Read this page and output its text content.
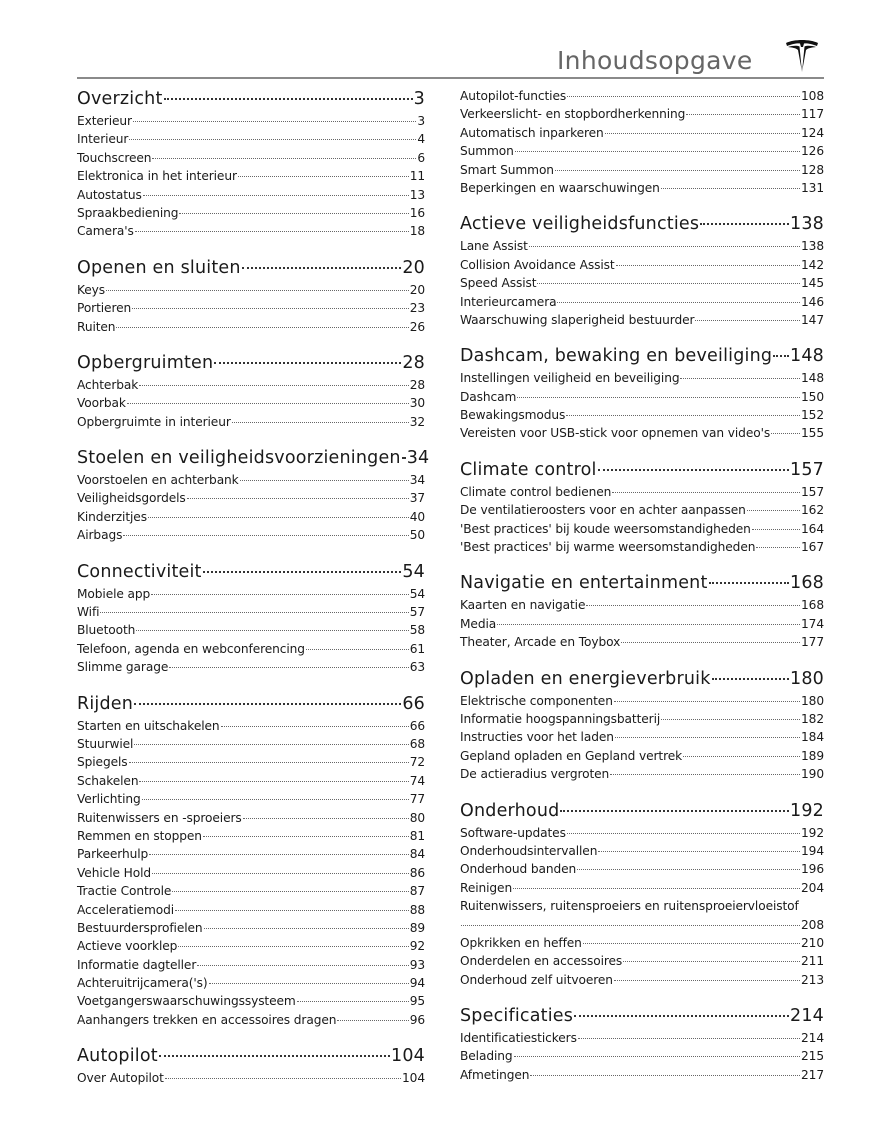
Inhoudsopgave
Overzicht	3
Exterieur	3
Interieur	4
Touchscreen	6
Elektronica in het interieur	11
Autostatus	13
Spraakbediening	16
Camera's	18
Openen en sluiten	20
Keys	20
Portieren	23
Ruiten	26
Opbergruimten	28
Achterbak	28
Voorbak	30
Opbergruimte in interieur	32
Stoelen en veiligheidsvoorzieningen 34
Voorstoelen en achterbank	34
Veiligheidsgordels	37
Kinderzitjes	40
Airbags	50
Connectiviteit	54
Mobiele app	54
Wifi	57
Bluetooth	58
Telefoon, agenda en webconferencing	61
Slimme garage	63
Rijden	66
Starten en uitschakelen	66
Stuurwiel	68
Spiegels	72
Schakelen	74
Verlichting	77
Ruitenwissers en -sproeiers	80
Remmen en stoppen	81
Parkeerhulp	84
Vehicle Hold	86
Tractie Controle	87
Acceleratiemodi	88
Bestuurdersprofielen	89
Actieve voorklep	92
Informatie dagteller	93
Achteruitrijcamera('s)	94
Voetgangerswaarschuwingssysteem	95
Aanhangers trekken en accessoires dragen	96
Autopilot	104
Over Autopilot	104
Autopilot-functies	108
Verkeerslicht- en stopbordherkenning	117
Automatisch inparkeren	124
Summon	126
Smart Summon	128
Beperkingen en waarschuwingen	131
Actieve veiligheidsfuncties	138
Lane Assist	138
Collision Avoidance Assist	142
Speed Assist	145
Interieurcamera	146
Waarschuwing slaperigheid bestuurder	147
Dashcam, bewaking en beveiliging 148
Instellingen veiligheid en beveiliging	148
Dashcam	150
Bewakingsmodus	152
Vereisten voor USB-stick voor opnemen van video's	155
Climate control	157
Climate control bedienen	157
De ventilatieroosters voor en achter aanpassen	162
'Best practices' bij koude weersomstandigheden	164
'Best practices' bij warme weersomstandigheden	167
Navigatie en entertainment	168
Kaarten en navigatie	168
Media	174
Theater, Arcade en Toybox	177
Opladen en energieverbruik	180
Elektrische componenten	180
Informatie hoogspanningsbatterij	182
Instructies voor het laden	184
Gepland opladen en Gepland vertrek	189
De actieradius vergroten	190
Onderhoud	192
Software-updates	192
Onderhoudsintervallen	194
Onderhoud banden	196
Reinigen	204
Ruitenwissers, ruitensproeiers en ruitensproeiervloeistof
208
Opkrikken en heffen	210
Onderdelen en accessoires	211
Onderhoud zelf uitvoeren	213
Specificaties	214
Identificatiestickers	214
Belading	215
Afmetingen	217
